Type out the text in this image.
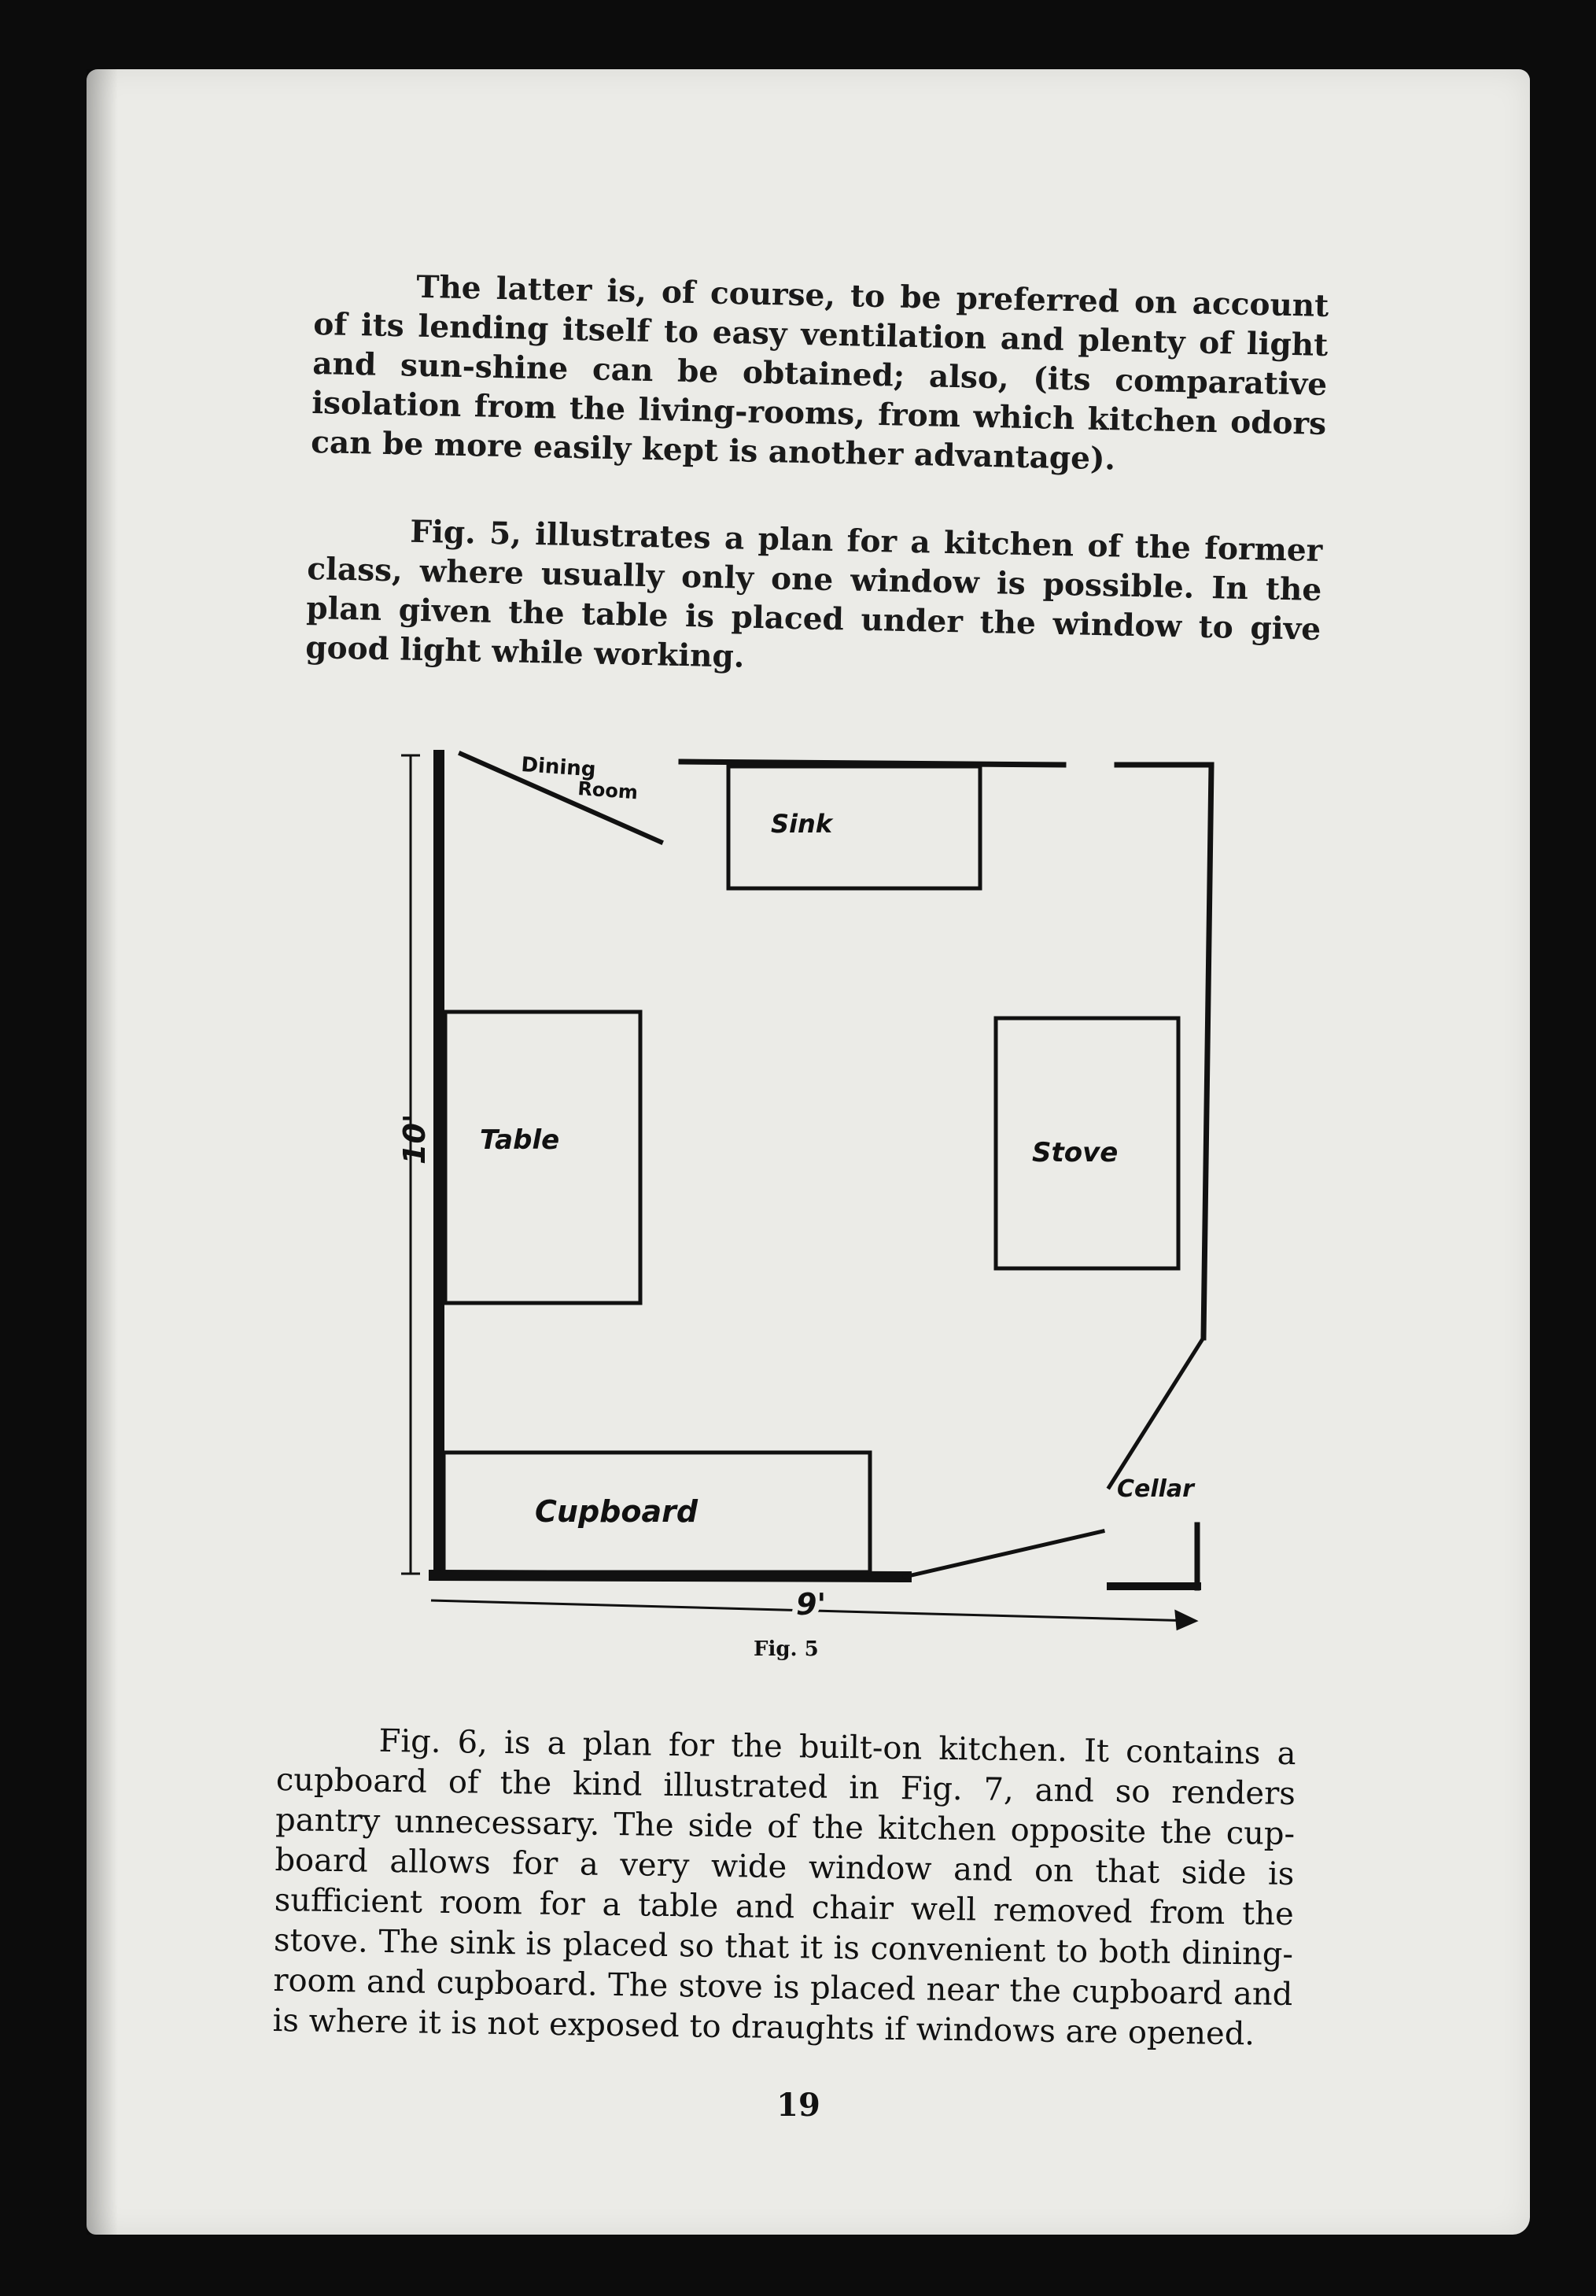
The latter is, of course, to be preferred on account of its lending itself to easy ventilation and plenty of light and sun-shine can be obtained; also, (its comparative isolation from the living-rooms, from which kitchen odors can be more easily kept is another advantage).

Fig. 5, illustrates a plan for a kitchen of the former class, where usually only one window is possible. In the plan given the table is placed under the window to give good light while working.

Dining
Room
Sink
Table	Stove
Cupboard
Cellar
10'
9'
Fig. 5

Fig. 6, is a plan for the built-on kitchen. It contains a cupboard of the kind illustrated in Fig. 7, and so renders pantry unnecessary. The side of the kitchen opposite the cup-board allows for a very wide window and on that side is sufficient room for a table and chair well removed from the stove. The sink is placed so that it is convenient to both dining-room and cupboard. The stove is placed near the cupboard and is where it is not exposed to draughts if windows are opened.

19
